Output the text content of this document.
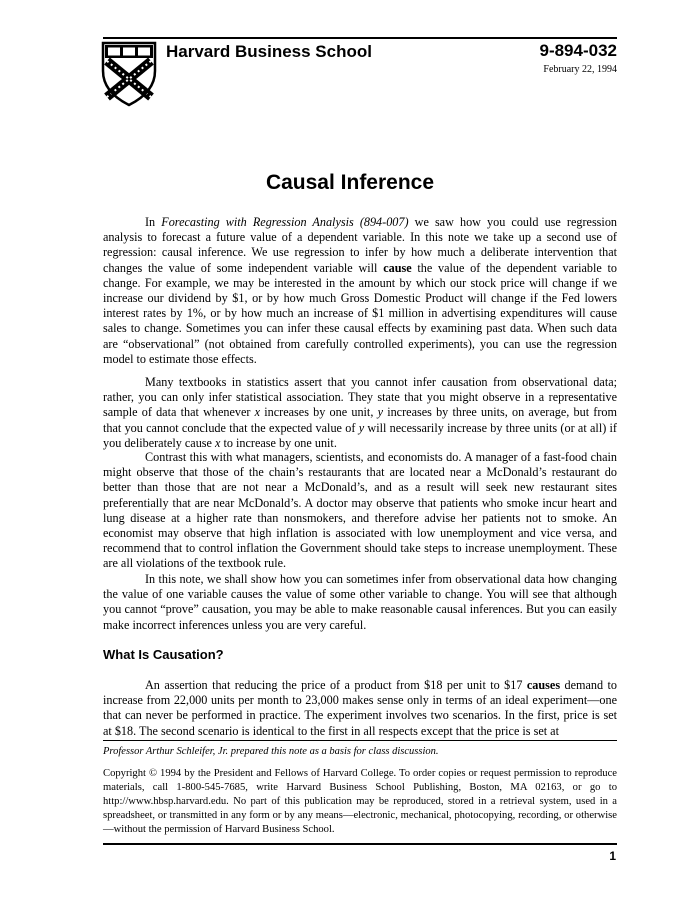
Harvard Business School	9-894-032
February 22, 1994
Causal Inference

In Forecasting with Regression Analysis (894-007) we saw how you could use regression analysis to forecast a future value of a dependent variable. In this note we take up a second use of regression: causal inference. We use regression to infer by how much a deliberate intervention that changes the value of some independent variable will cause the value of the dependent variable to change. For example, we may be interested in the amount by which our stock price will change if we increase our dividend by $1, or by how much Gross Domestic Product will change if the Fed lowers interest rates by 1%, or by how much an increase of $1 million in advertising expenditures will cause sales to change. Sometimes you can infer these causal effects by examining past data. When such data are “observational” (not obtained from carefully controlled experiments), you can use the regression model to estimate those effects.

Many textbooks in statistics assert that you cannot infer causation from observational data; rather, you can only infer statistical association. They state that you might observe in a representative sample of data that whenever x increases by one unit, y increases by three units, on average, but from that you cannot conclude that the expected value of y will necessarily increase by three units (or at all) if you deliberately cause x to increase by one unit.

Contrast this with what managers, scientists, and economists do. A manager of a fast-food chain might observe that those of the chain’s restaurants that are located near a McDonald’s restaurant do better than those that are not near a McDonald’s, and as a result will seek new restaurant sites preferentially that are near McDonald’s. A doctor may observe that patients who smoke incur heart and lung disease at a higher rate than nonsmokers, and therefore advise her patients not to smoke. An economist may observe that high inflation is associated with low unemployment and vice versa, and recommend that to control inflation the Government should take steps to increase unemployment. These are all violations of the textbook rule.

In this note, we shall show how you can sometimes infer from observational data how changing the value of one variable causes the value of some other variable to change. You will see that although you cannot “prove” causation, you may be able to make reasonable causal inferences. But you can easily make incorrect inferences unless you are very careful.

What Is Causation?

An assertion that reducing the price of a product from $18 per unit to $17 causes demand to increase from 22,000 units per month to 23,000 makes sense only in terms of an ideal experiment—one that can never be performed in practice. The experiment involves two scenarios. In the first, price is set at $18. The second scenario is identical to the first in all respects except that the price is set at

Professor Arthur Schleifer, Jr. prepared this note as a basis for class discussion.

Copyright © 1994 by the President and Fellows of Harvard College. To order copies or request permission to reproduce materials, call 1-800-545-7685, write Harvard Business School Publishing, Boston, MA 02163, or go to http://www.hbsp.harvard.edu. No part of this publication may be reproduced, stored in a retrieval system, used in a spreadsheet, or transmitted in any form or by any means—electronic, mechanical, photocopying, recording, or otherwise—without the permission of Harvard Business School.

1
